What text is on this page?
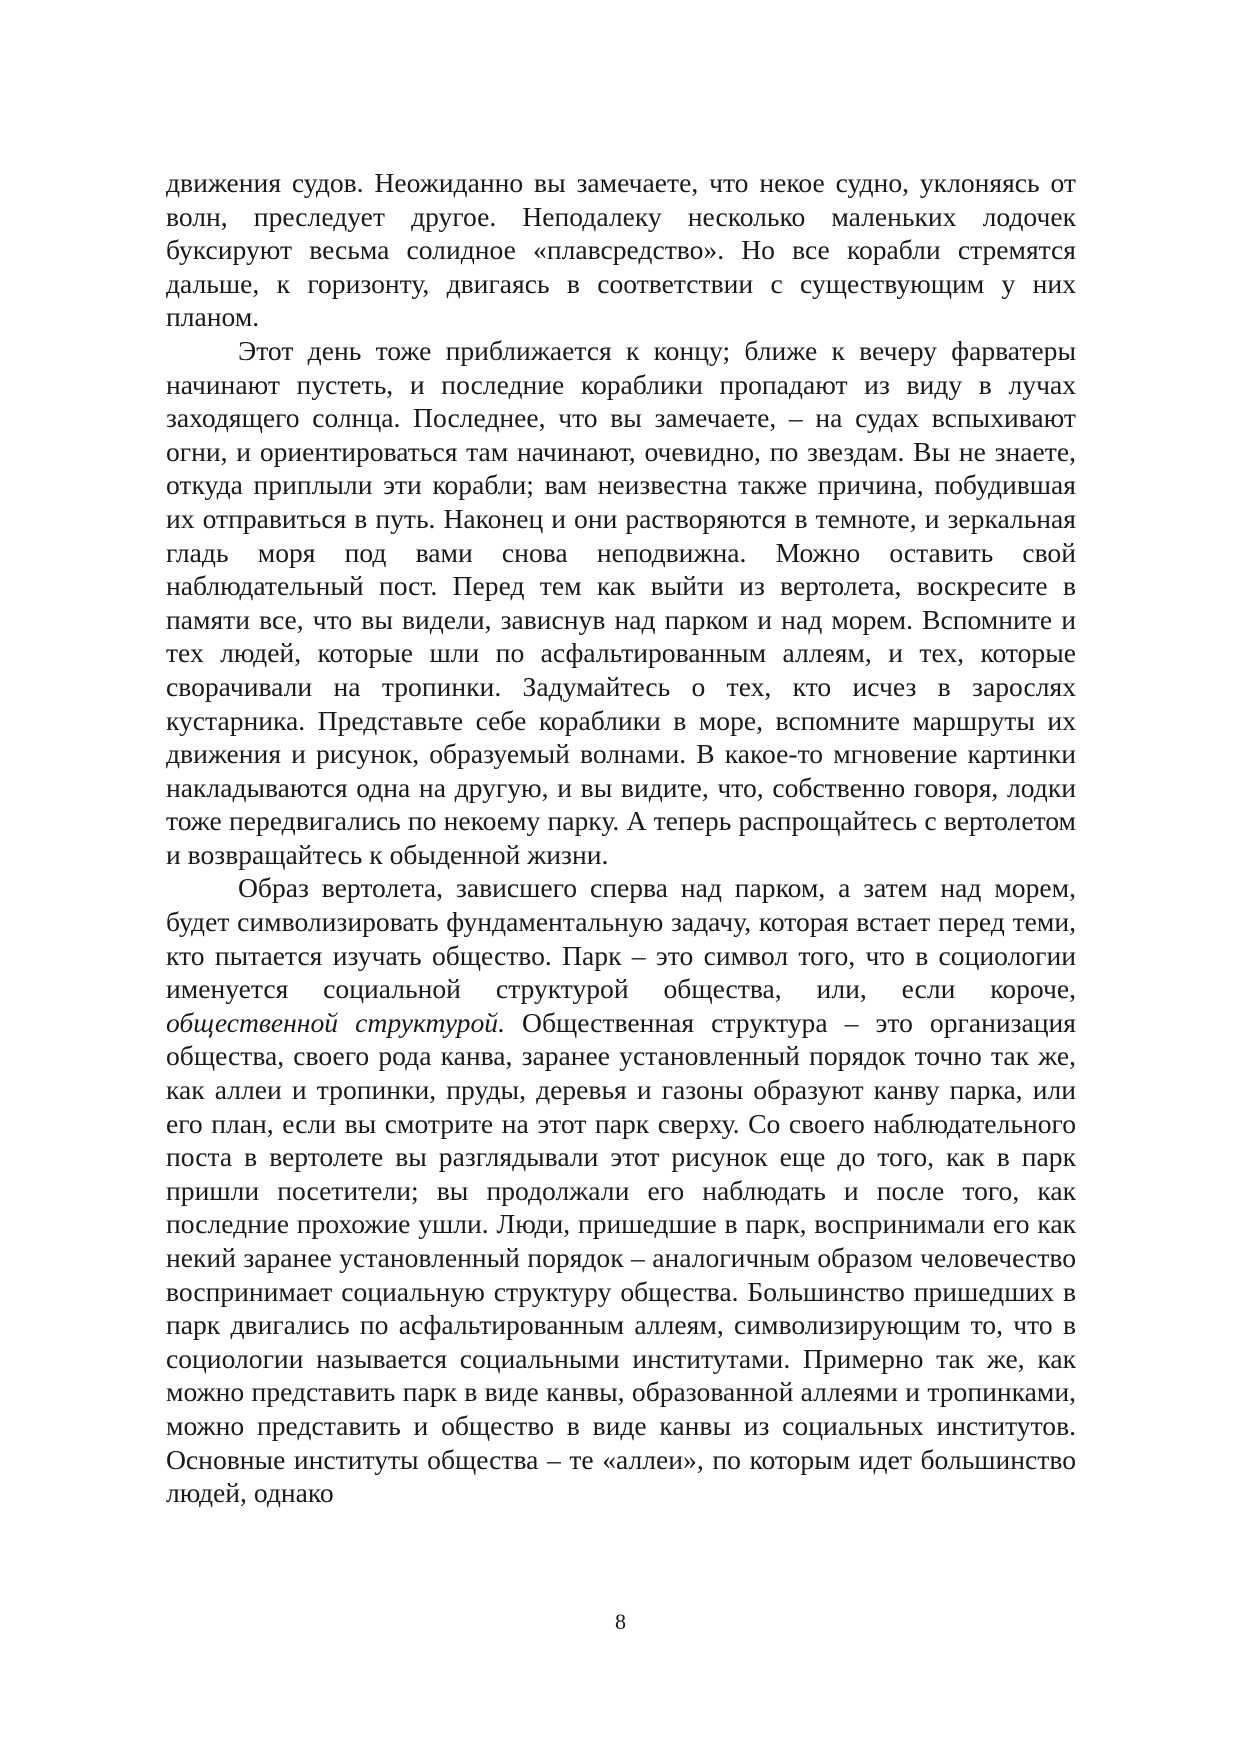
движения судов. Неожиданно вы замечаете, что некое судно, уклоняясь от волн, преследует другое. Неподалеку несколько маленьких лодочек буксируют весьма солидное «плавсредство». Но все корабли стремятся дальше, к горизонту, двигаясь в соответствии с существующим у них планом.

Этот день тоже приближается к концу; ближе к вечеру фарватеры начинают пустеть, и последние кораблики пропадают из виду в лучах заходящего солнца. Последнее, что вы замечаете, – на судах вспыхивают огни, и ориентироваться там начинают, очевидно, по звездам. Вы не знаете, откуда приплыли эти корабли; вам неизвестна также причина, побудившая их отправиться в путь. Наконец и они растворяются в темноте, и зеркальная гладь моря под вами снова неподвижна. Можно оставить свой наблюдательный пост. Перед тем как выйти из вертолета, воскресите в памяти все, что вы видели, зависнув над парком и над морем. Вспомните и тех людей, которые шли по асфальтированным аллеям, и тех, которые сворачивали на тропинки. Задумайтесь о тех, кто исчез в зарослях кустарника. Представьте себе кораблики в море, вспомните маршруты их движения и рисунок, образуемый волнами. В какое-то мгновение картинки накладываются одна на другую, и вы видите, что, собственно говоря, лодки тоже передвигались по некоему парку. А теперь распрощайтесь с вертолетом и возвращайтесь к обыденной жизни.

Образ вертолета, зависшего сперва над парком, а затем над морем, будет символизировать фундаментальную задачу, которая встает перед теми, кто пытается изучать общество. Парк – это символ того, что в социологии именуется социальной структурой общества, или, если короче, общественной структурой. Общественная структура – это организация общества, своего рода канва, заранее установленный порядок точно так же, как аллеи и тропинки, пруды, деревья и газоны образуют канву парка, или его план, если вы смотрите на этот парк сверху. Со своего наблюдательного поста в вертолете вы разглядывали этот рисунок еще до того, как в парк пришли посетители; вы продолжали его наблюдать и после того, как последние прохожие ушли. Люди, пришедшие в парк, воспринимали его как некий заранее установленный порядок – аналогичным образом человечество воспринимает социальную структуру общества. Большинство пришедших в парк двигались по асфальтированным аллеям, символизирующим то, что в социологии называется социальными институтами. Примерно так же, как можно представить парк в виде канвы, образованной аллеями и тропинками, можно представить и общество в виде канвы из социальных институтов. Основные институты общества – те «аллеи», по которым идет большинство людей, однако

8
